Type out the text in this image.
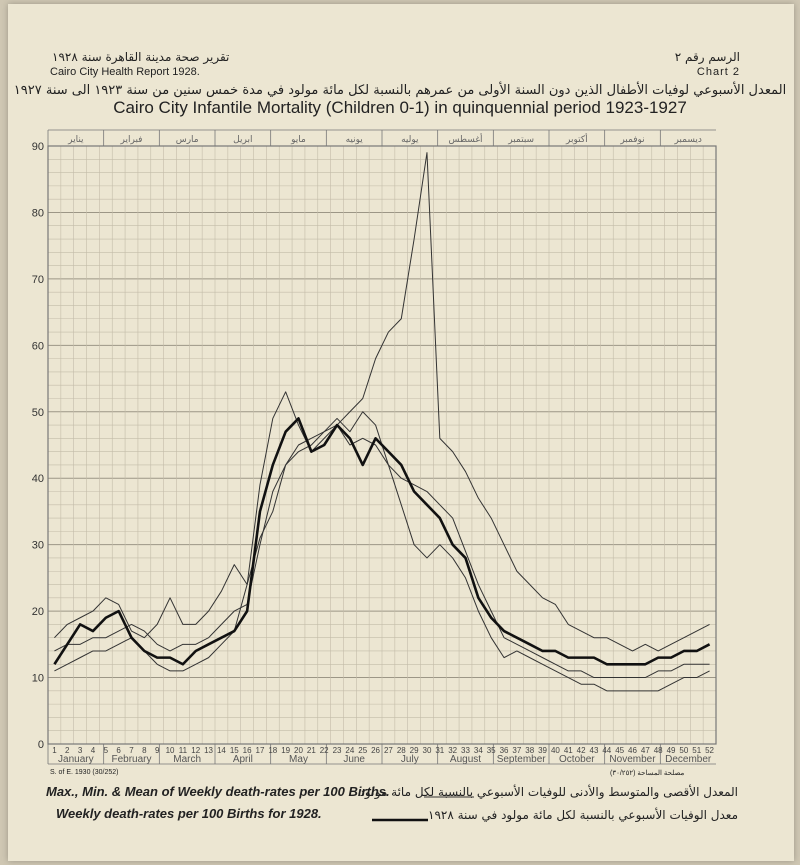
تقرير صحة مدينة القاهرة سنة ١٩٢٨
Cairo City Health Report 1928.
الرسم رقم ٢
Chart 2
المعدل الأسبوعي لوفيات الأطفال الذين دون السنة الأولى من عمرهم بالنسبة لكل مائة مولود في مدة خمس سنين من سنة ١٩٢٣ الى سنة ١٩٢٧
Cairo City Infantile Mortality (Children 0-1) in quinquennial period 1923-1927
January
يناير
February
فبراير
March
مارس
April
ابريل
May
مايو
June
يونيه
July
يوليه
August
أغسطس
September
سبتمبر
October
أكتوبر
November
نوفمبر
December
ديسمبر
1 2 3 4 5 6 7 8 9 10 11 12 13 14 15 16 17 18 19 20 21 22 23 24 25 26 27 28 29 30 31 32 33 34 35 36 37 38 39 40 41 42 43 44 45 46 47 48 49 50 51 52
0
10
20
30
40
50
60
70
80
90
S. of E. 1930 (30/252)	مصلحة المساحة (٣٠/٢٥٢)
Max., Min. & Mean of Weekly death-rates per 100 Births.
Weekly death-rates per 100 Births for 1928.
المعدل الأقصى والمتوسط والأدنى للوفيات الأسبوعي بالنسبة لكل مائة مولود
معدل الوفيات الأسبوعي بالنسبة لكل مائة مولود في سنة ١٩٢٨
